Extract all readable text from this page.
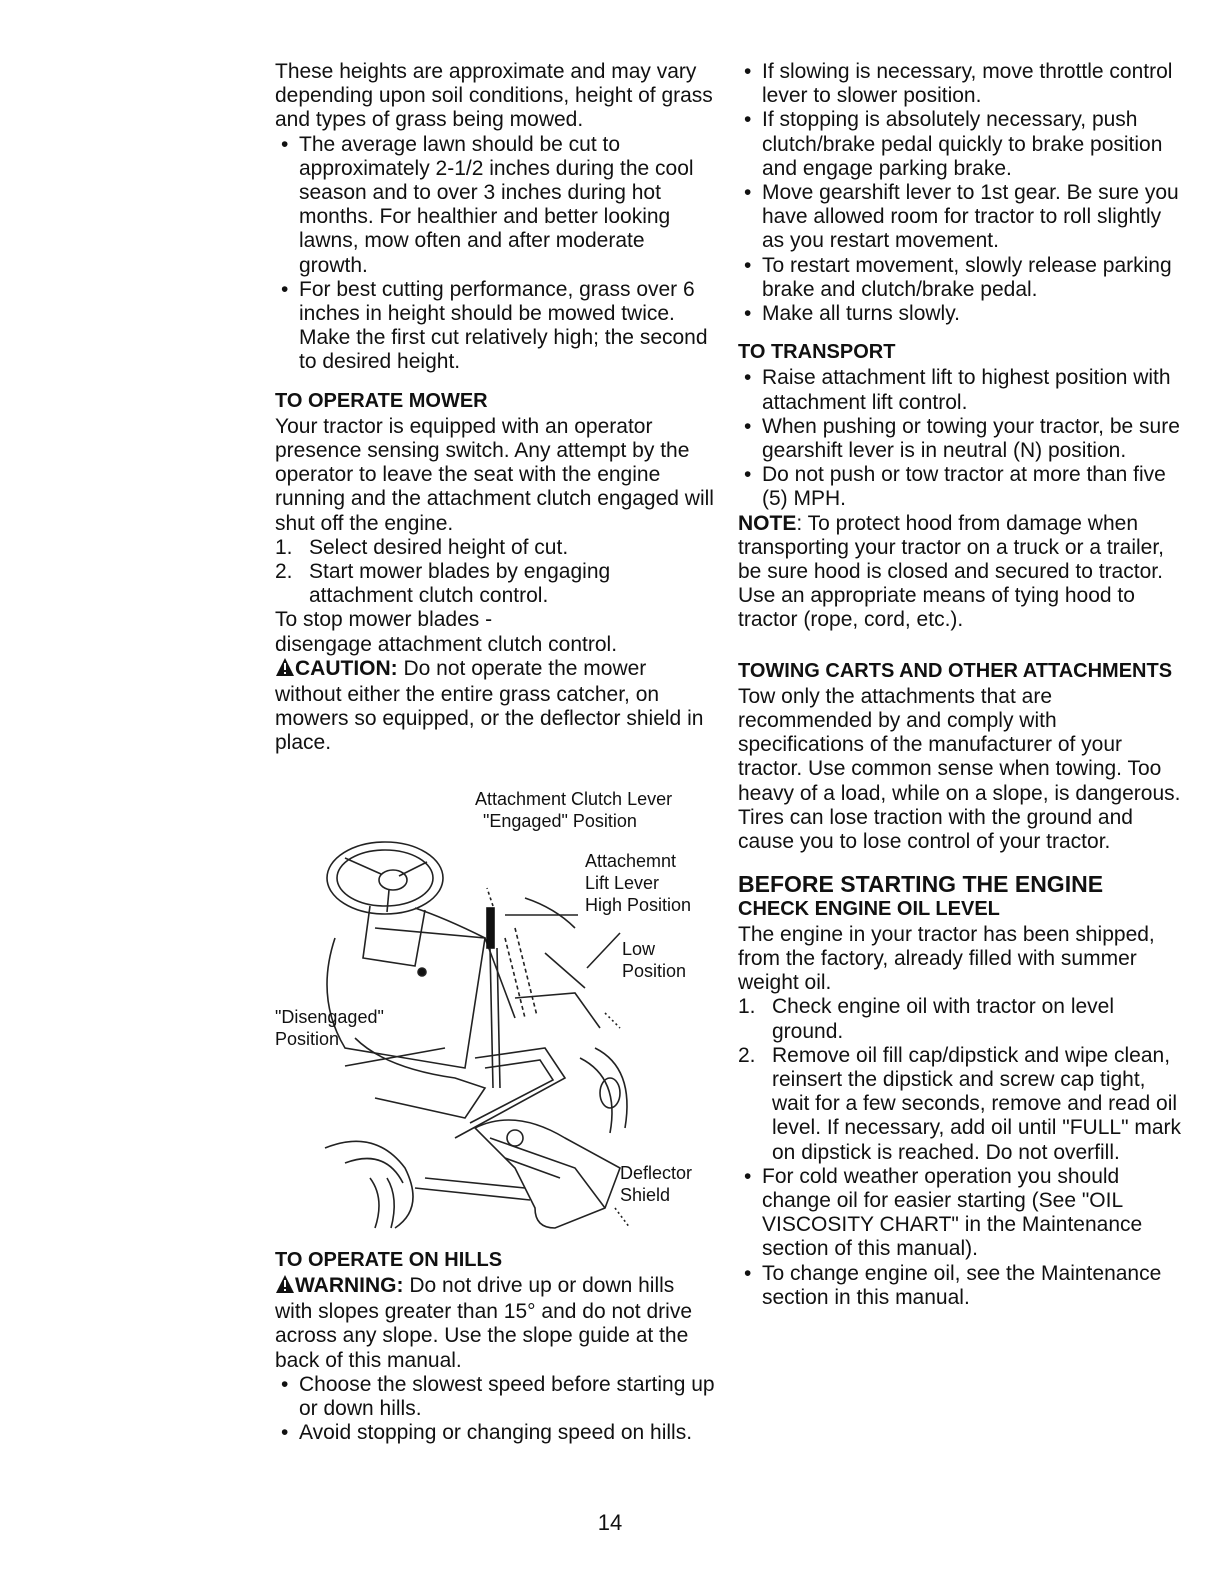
These heights are approximate and may vary depending upon soil conditions, height of grass and types of grass being mowed.

• The average lawn should be cut to approximately 2-1/2 inches during the cool season and to over 3 inches during hot months. For healthier and better looking lawns, mow often and after moderate growth.
• For best cutting performance, grass over 6 inches in height should be mowed twice. Make the first cut relatively high; the second to desired height.
TO OPERATE MOWER

Your tractor is equipped with an operator presence sensing switch. Any attempt by the operator to leave the seat with the engine running and the attachment clutch engaged will shut off the engine.

1. Select desired height of cut.
2. Start mower blades by engaging attachment clutch control.

To stop mower blades -

disengage attachment clutch control.

CAUTION: Do not operate the mower without either the entire grass catcher, on mowers so equipped, or the deflector shield in place.

Attachment Clutch Lever
"Engaged" Position
Attachemnt
Lift Lever
High Position
Low
Position
"Disengaged"
Position
Deflector
Shield
TO OPERATE ON HILLS

WARNING: Do not drive up or down hills with slopes greater than 15° and do not drive across any slope. Use the slope guide at the back of this manual.

• Choose the slowest speed before starting up or down hills.
• Avoid stopping or changing speed on hills.
• If slowing is necessary, move throttle control lever to slower position.
• If stopping is absolutely necessary, push clutch/brake pedal quickly to brake position and engage parking brake.
• Move gearshift lever to 1st gear. Be sure you have allowed room for tractor to roll slightly as you restart movement.
• To restart movement, slowly release parking brake and clutch/brake pedal.
• Make all turns slowly.
TO TRANSPORT
• Raise attachment lift to highest position with attachment lift control.
• When pushing or towing your tractor, be sure gearshift lever is in neutral (N) position.
• Do not push or tow tractor at more than five (5) MPH.

NOTE: To protect hood from damage when transporting your tractor on a truck or a trailer, be sure hood is closed and secured to tractor. Use an appropriate means of tying hood to tractor (rope, cord, etc.).

TOWING CARTS AND OTHER ATTACHMENTS

Tow only the attachments that are recommended by and comply with specifications of the manufacturer of your tractor. Use common sense when towing. Too heavy of a load, while on a slope, is dangerous. Tires can lose traction with the ground and cause you to lose control of your tractor.

BEFORE STARTING THE ENGINE
CHECK ENGINE OIL LEVEL

The engine in your tractor has been shipped, from the factory, already filled with summer weight oil.

1. Check engine oil with tractor on level ground.
2. Remove oil fill cap/dipstick and wipe clean, reinsert the dipstick and screw cap tight, wait for a few seconds, remove and read oil level. If necessary, add oil until "FULL" mark on dipstick is reached. Do not overfill.
• For cold weather operation you should change oil for easier starting (See "OIL VISCOSITY CHART" in the Maintenance section of this manual).
• To change engine oil, see the Maintenance section in this manual.
14
